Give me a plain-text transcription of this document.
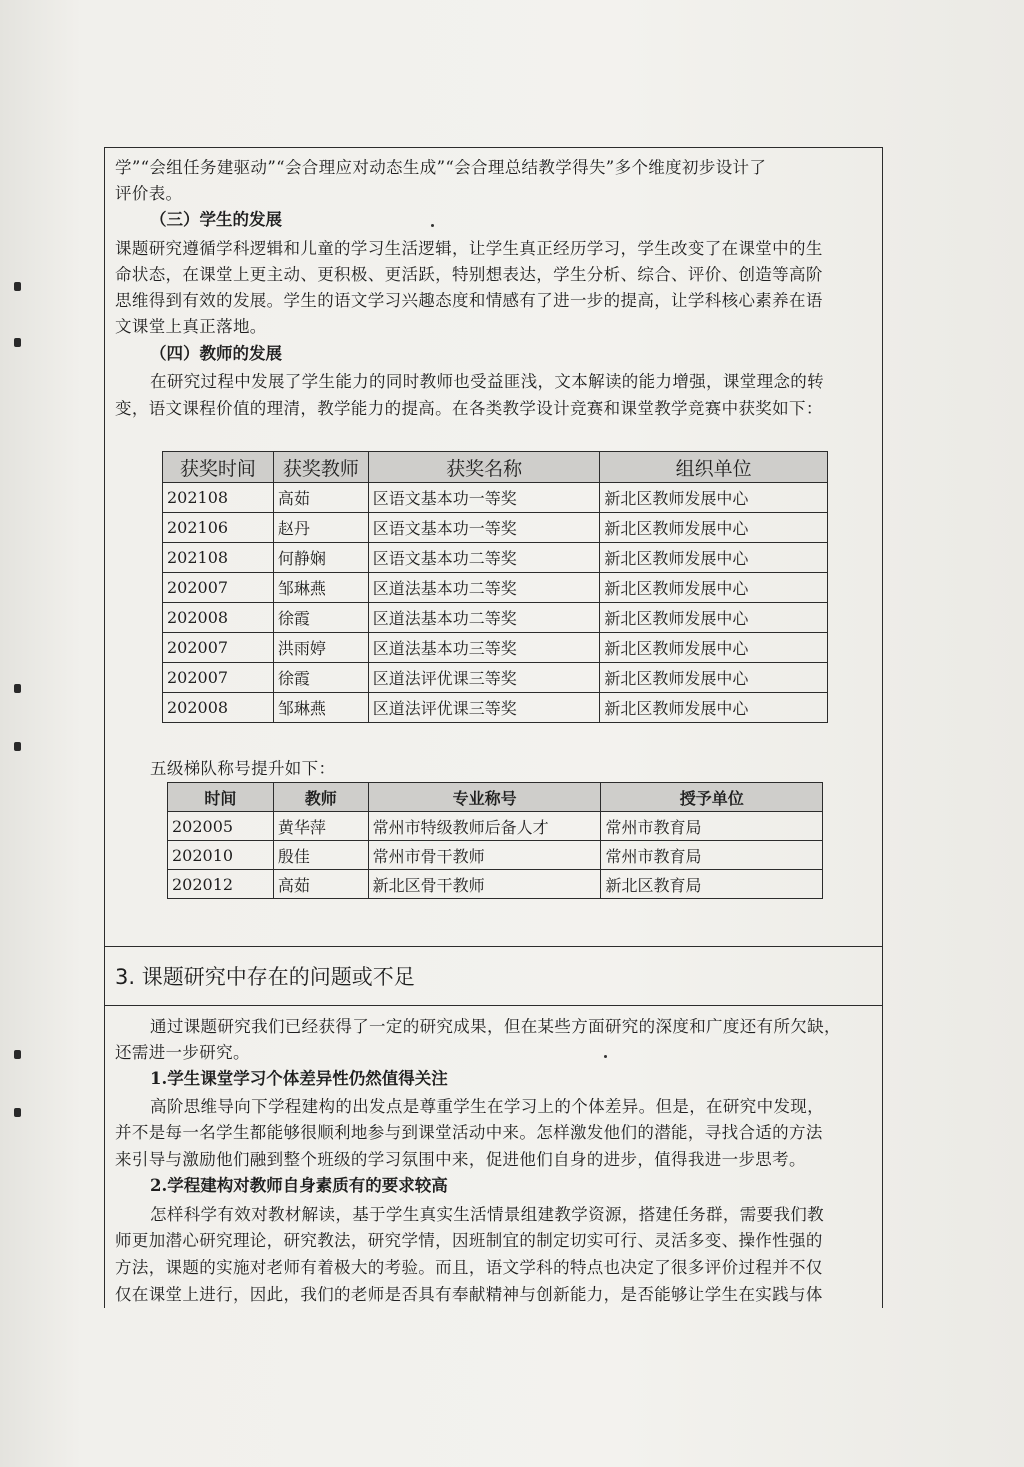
学”“会组任务建驱动”“会合理应对动态生成”“会合理总结教学得失”多个维度初步设计了
评价表。
（三）学生的发展
课题研究遵循学科逻辑和儿童的学习生活逻辑，让学生真正经历学习，学生改变了在课堂中的生
命状态，在课堂上更主动、更积极、更活跃，特别想表达，学生分析、综合、评价、创造等高阶
思维得到有效的发展。学生的语文学习兴趣态度和情感有了进一步的提高，让学科核心素养在语
文课堂上真正落地。
（四）教师的发展
在研究过程中发展了学生能力的同时教师也受益匪浅，文本解读的能力增强，课堂理念的转
变，语文课程价值的理清，教学能力的提高。在各类教学设计竞赛和课堂教学竞赛中获奖如下：
获奖时间	获奖教师	获奖名称	组织单位
202108	高茹	区语文基本功一等奖	新北区教师发展中心
202106	赵丹	区语文基本功一等奖	新北区教师发展中心
202108	何静娴	区语文基本功二等奖	新北区教师发展中心
202007	邹琳燕	区道法基本功二等奖	新北区教师发展中心
202008	徐霞	区道法基本功二等奖	新北区教师发展中心
202007	洪雨婷	区道法基本功三等奖	新北区教师发展中心
202007	徐霞	区道法评优课三等奖	新北区教师发展中心
202008	邹琳燕	区道法评优课三等奖	新北区教师发展中心
五级梯队称号提升如下：
时间	教师	专业称号	授予单位
202005	黄华萍	常州市特级教师后备人才	常州市教育局
202010	殷佳	常州市骨干教师	常州市教育局
202012	高茹	新北区骨干教师	新北区教育局
3. 课题研究中存在的问题或不足
通过课题研究我们已经获得了一定的研究成果，但在某些方面研究的深度和广度还有所欠缺，
还需进一步研究。
1.学生课堂学习个体差异性仍然值得关注
高阶思维导向下学程建构的出发点是尊重学生在学习上的个体差异。但是，在研究中发现，
并不是每一名学生都能够很顺利地参与到课堂活动中来。怎样激发他们的潜能，寻找合适的方法
来引导与激励他们融到整个班级的学习氛围中来，促进他们自身的进步，值得我进一步思考。
2.学程建构对教师自身素质有的要求较高
怎样科学有效对教材解读，基于学生真实生活情景组建教学资源，搭建任务群，需要我们教
师更加潜心研究理论，研究教法，研究学情，因班制宜的制定切实可行、灵活多变、操作性强的
方法，课题的实施对老师有着极大的考验。而且，语文学科的特点也决定了很多评价过程并不仅
仅在课堂上进行，因此，我们的老师是否具有奉献精神与创新能力，是否能够让学生在实践与体
